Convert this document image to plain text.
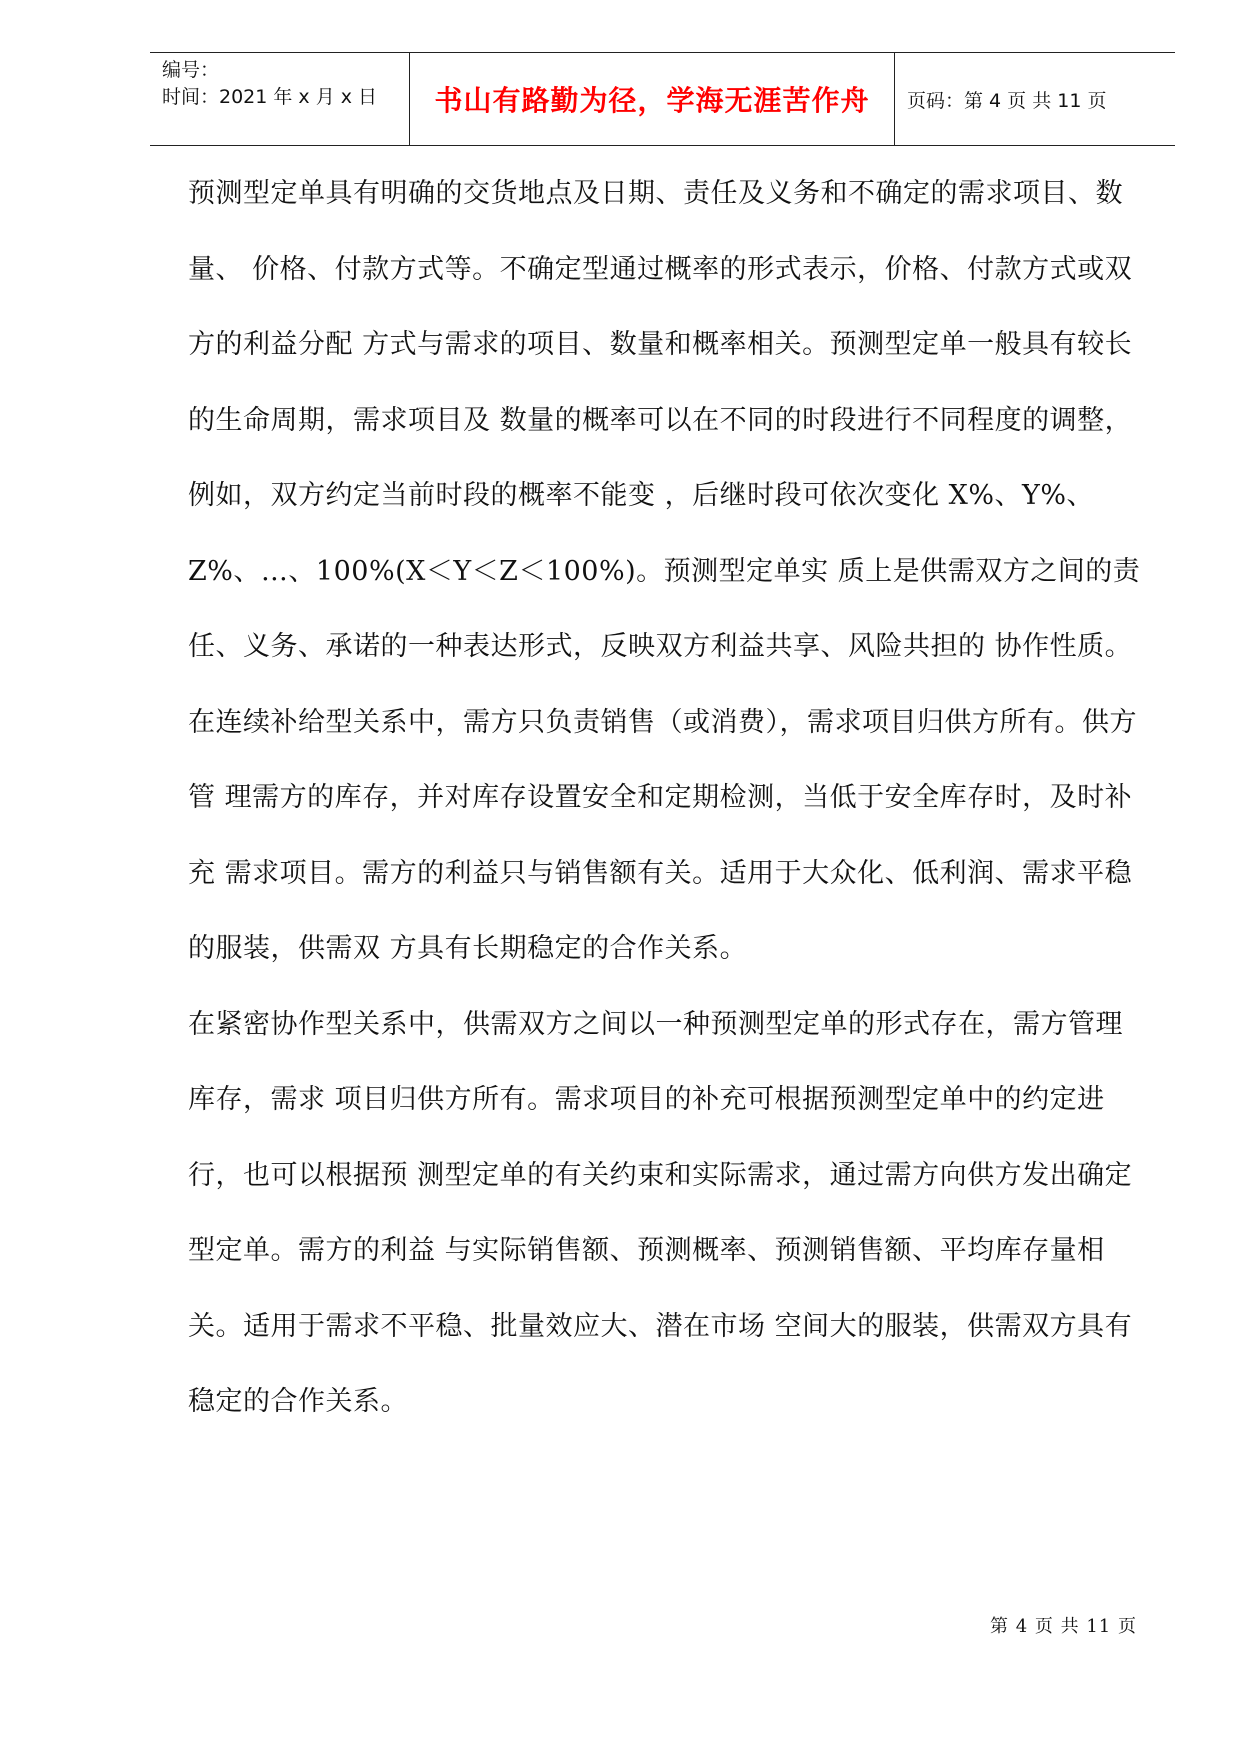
编号：
时间：2021 年 x 月 x 日	书山有路勤为径，学海无涯苦作舟	页码：第 4 页 共 11 页

预测型定单具有明确的交货地点及日期、责任及义务和不确定的需求项目、数量、 价格、付款方式等。不确定型通过概率的形式表示，价格、付款方式或双方的利益分配 方式与需求的项目、数量和概率相关。预测型定单一般具有较长的生命周期，需求项目及 数量的概率可以在不同的时段进行不同程度的调整，例如，双方约定当前时段的概率不能变 ，后继时段可依次变化 X%、Y%、Z%、…、100%(X＜Y＜Z＜100%)。预测型定单实 质上是供需双方之间的责任、义务、承诺的一种表达形式，反映双方利益共享、风险共担的 协作性质。

在连续补给型关系中，需方只负责销售（或消费），需求项目归供方所有。供方管 理需方的库存，并对库存设置安全和定期检测，当低于安全库存时，及时补充 需求项目。需方的利益只与销售额有关。适用于大众化、低利润、需求平稳的服装，供需双 方具有长期稳定的合作关系。

在紧密协作型关系中，供需双方之间以一种预测型定单的形式存在，需方管理库存，需求 项目归供方所有。需求项目的补充可根据预测型定单中的约定进行，也可以根据预 测型定单的有关约束和实际需求，通过需方向供方发出确定型定单。需方的利益 与实际销售额、预测概率、预测销售额、平均库存量相关。适用于需求不平稳、批量效应大、潜在市场 空间大的服装，供需双方具有稳定的合作关系。

第 4 页 共 11 页
